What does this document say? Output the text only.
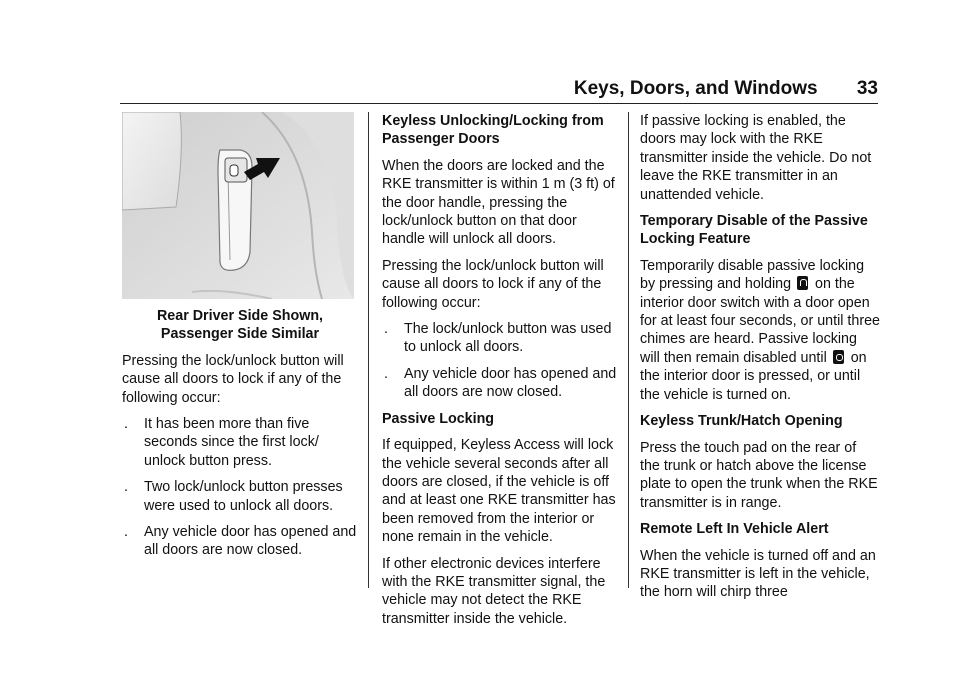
Keys, Doors, and Windows 33

Rear Driver Side Shown,
Passenger Side Similar

Pressing the lock/unlock button will cause all doors to lock if any of the following occur:

. It has been more than five seconds since the first lock/ unlock button press.
. Two lock/unlock button presses were used to unlock all doors.
. Any vehicle door has opened and all doors are now closed.

Keyless Unlocking/Locking from Passenger Doors

When the doors are locked and the RKE transmitter is within 1 m (3 ft) of the door handle, pressing the lock/unlock button on that door handle will unlock all doors.

Pressing the lock/unlock button will cause all doors to lock if any of the following occur:

. The lock/unlock button was used to unlock all doors.
. Any vehicle door has opened and all doors are now closed.

Passive Locking

If equipped, Keyless Access will lock the vehicle several seconds after all doors are closed, if the vehicle is off and at least one RKE transmitter has been removed from the interior or none remain in the vehicle.

If other electronic devices interfere with the RKE transmitter signal, the vehicle may not detect the RKE transmitter inside the vehicle.

If passive locking is enabled, the doors may lock with the RKE transmitter inside the vehicle. Do not leave the RKE transmitter in an unattended vehicle.

Temporary Disable of the Passive Locking Feature

Temporarily disable passive locking by pressing and holding on the interior door switch with a door open for at least four seconds, or until three chimes are heard. Passive locking will then remain disabled until on the interior door is pressed, or until the vehicle is turned on.

Keyless Trunk/Hatch Opening

Press the touch pad on the rear of the trunk or hatch above the license plate to open the trunk when the RKE transmitter is in range.

Remote Left In Vehicle Alert

When the vehicle is turned off and an RKE transmitter is left in the vehicle, the horn will chirp three
